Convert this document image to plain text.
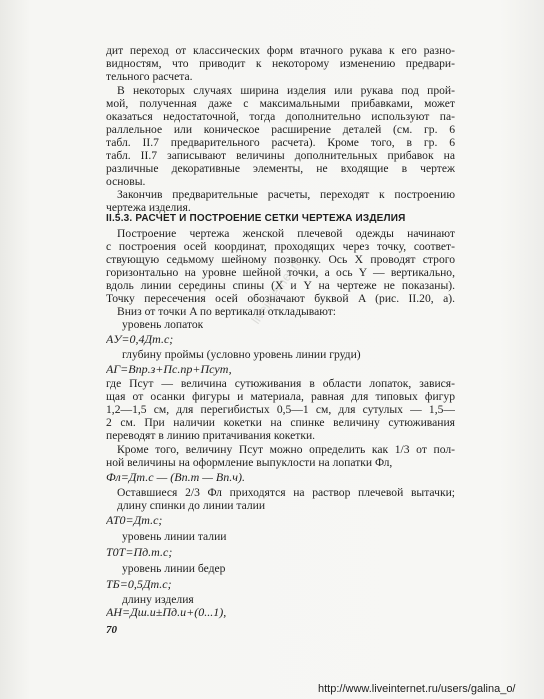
дит переход от классических форм втачного рукава к его разно-
видностям, что приводит к некоторому изменению предвари-
тельного расчета.
В некоторых случаях ширина изделия или рукава под прой-
мой, полученная даже с максимальными прибавками, может
оказаться недостаточной, тогда дополнительно используют па-
раллельное или коническое расширение деталей (см. гр. 6
табл. II.7 предварительного расчета). Кроме того, в гр. 6
табл. II.7 записывают величины дополнительных прибавок на
различные декоративные элементы, не входящие в чертеж
основы.
Закончив предварительные расчеты, переходят к построению
чертежа изделия.
II.5.3. РАСЧЕТ И ПОСТРОЕНИЕ СЕТКИ ЧЕРТЕЖА ИЗДЕЛИЯ
Построение чертежа женской плечевой одежды начинают
с построения осей координат, проходящих через точку, соответ-
ствующую седьмому шейному позвонку. Ось X проводят строго
горизонтально на уровне шейной точки, а ось Y — вертикально,
вдоль линии середины спины (X и Y на чертеже не показаны).
Точку пересечения осей обозначают буквой A (рис. II.20, a).
Вниз от точки A по вертикали откладывают:
уровень лопаток
AУ=0,4Дт.с;
глубину проймы (условно уровень линии груди)
AГ=Впр.з+Пс.пр+Псут,
где Псут — величина сутюживания в области лопаток, завися-
щая от осанки фигуры и материала, равная для типовых фигур
1,2—1,5 см, для перегибистых 0,5—1 см, для сутулых — 1,5—
2 см. При наличии кокетки на спинке величину сутюживания
переводят в линию притачивания кокетки.
Кроме того, величину Псут можно определить как 1/3 от пол-
ной величины на оформление выпуклости на лопатки Фл,
Фл=Дт.с — (Вп.т — Вп.ч).
Оставшиеся 2/3 Фл приходятся на раствор плечевой вытачки;
длину спинки до линии талии
AT0=Дт.с;
уровень линии талии
T0T=Пд.т.с;
уровень линии бедер
TБ=0,5Дт.с;
длину изделия
AH=Дш.и±Пд.и+(0...1),
70
liveinternet.ru
http://www.liveinternet.ru/users/galina_o/
